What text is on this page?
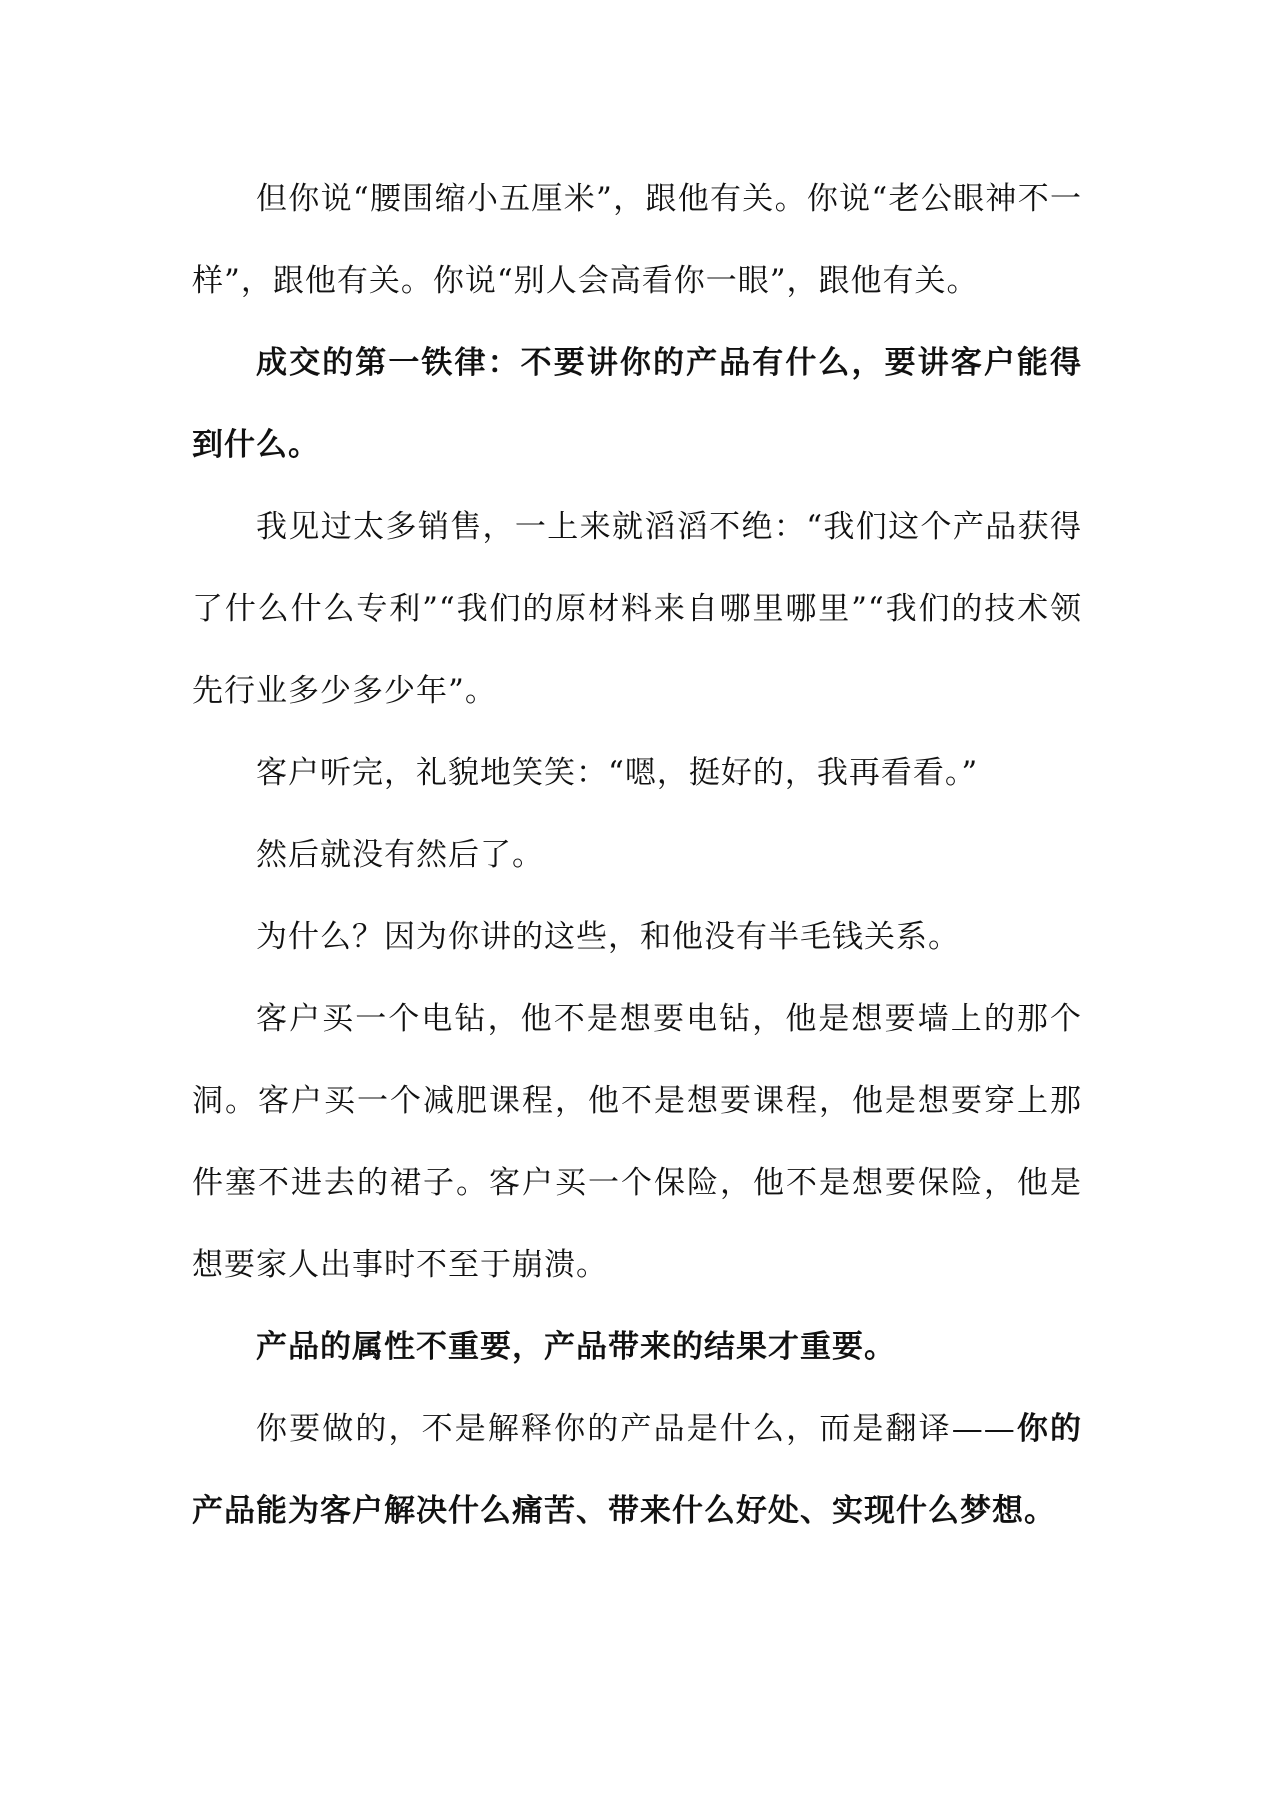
但你说“腰围缩小五厘米”，跟他有关。你说“老公眼神不一样”，跟他有关。你说“别人会高看你一眼”，跟他有关。

成交的第一铁律：不要讲你的产品有什么，要讲客户能得到什么。

我见过太多销售，一上来就滔滔不绝：“我们这个产品获得了什么什么专利”“我们的原材料来自哪里哪里”“我们的技术领先行业多少多少年”。

客户听完，礼貌地笑笑：“嗯，挺好的，我再看看。”

然后就没有然后了。

为什么？因为你讲的这些，和他没有半毛钱关系。

客户买一个电钻，他不是想要电钻，他是想要墙上的那个洞。客户买一个减肥课程，他不是想要课程，他是想要穿上那件塞不进去的裙子。客户买一个保险，他不是想要保险，他是想要家人出事时不至于崩溃。

产品的属性不重要，产品带来的结果才重要。

你要做的，不是解释你的产品是什么，而是翻译——你的产品能为客户解决什么痛苦、带来什么好处、实现什么梦想。
